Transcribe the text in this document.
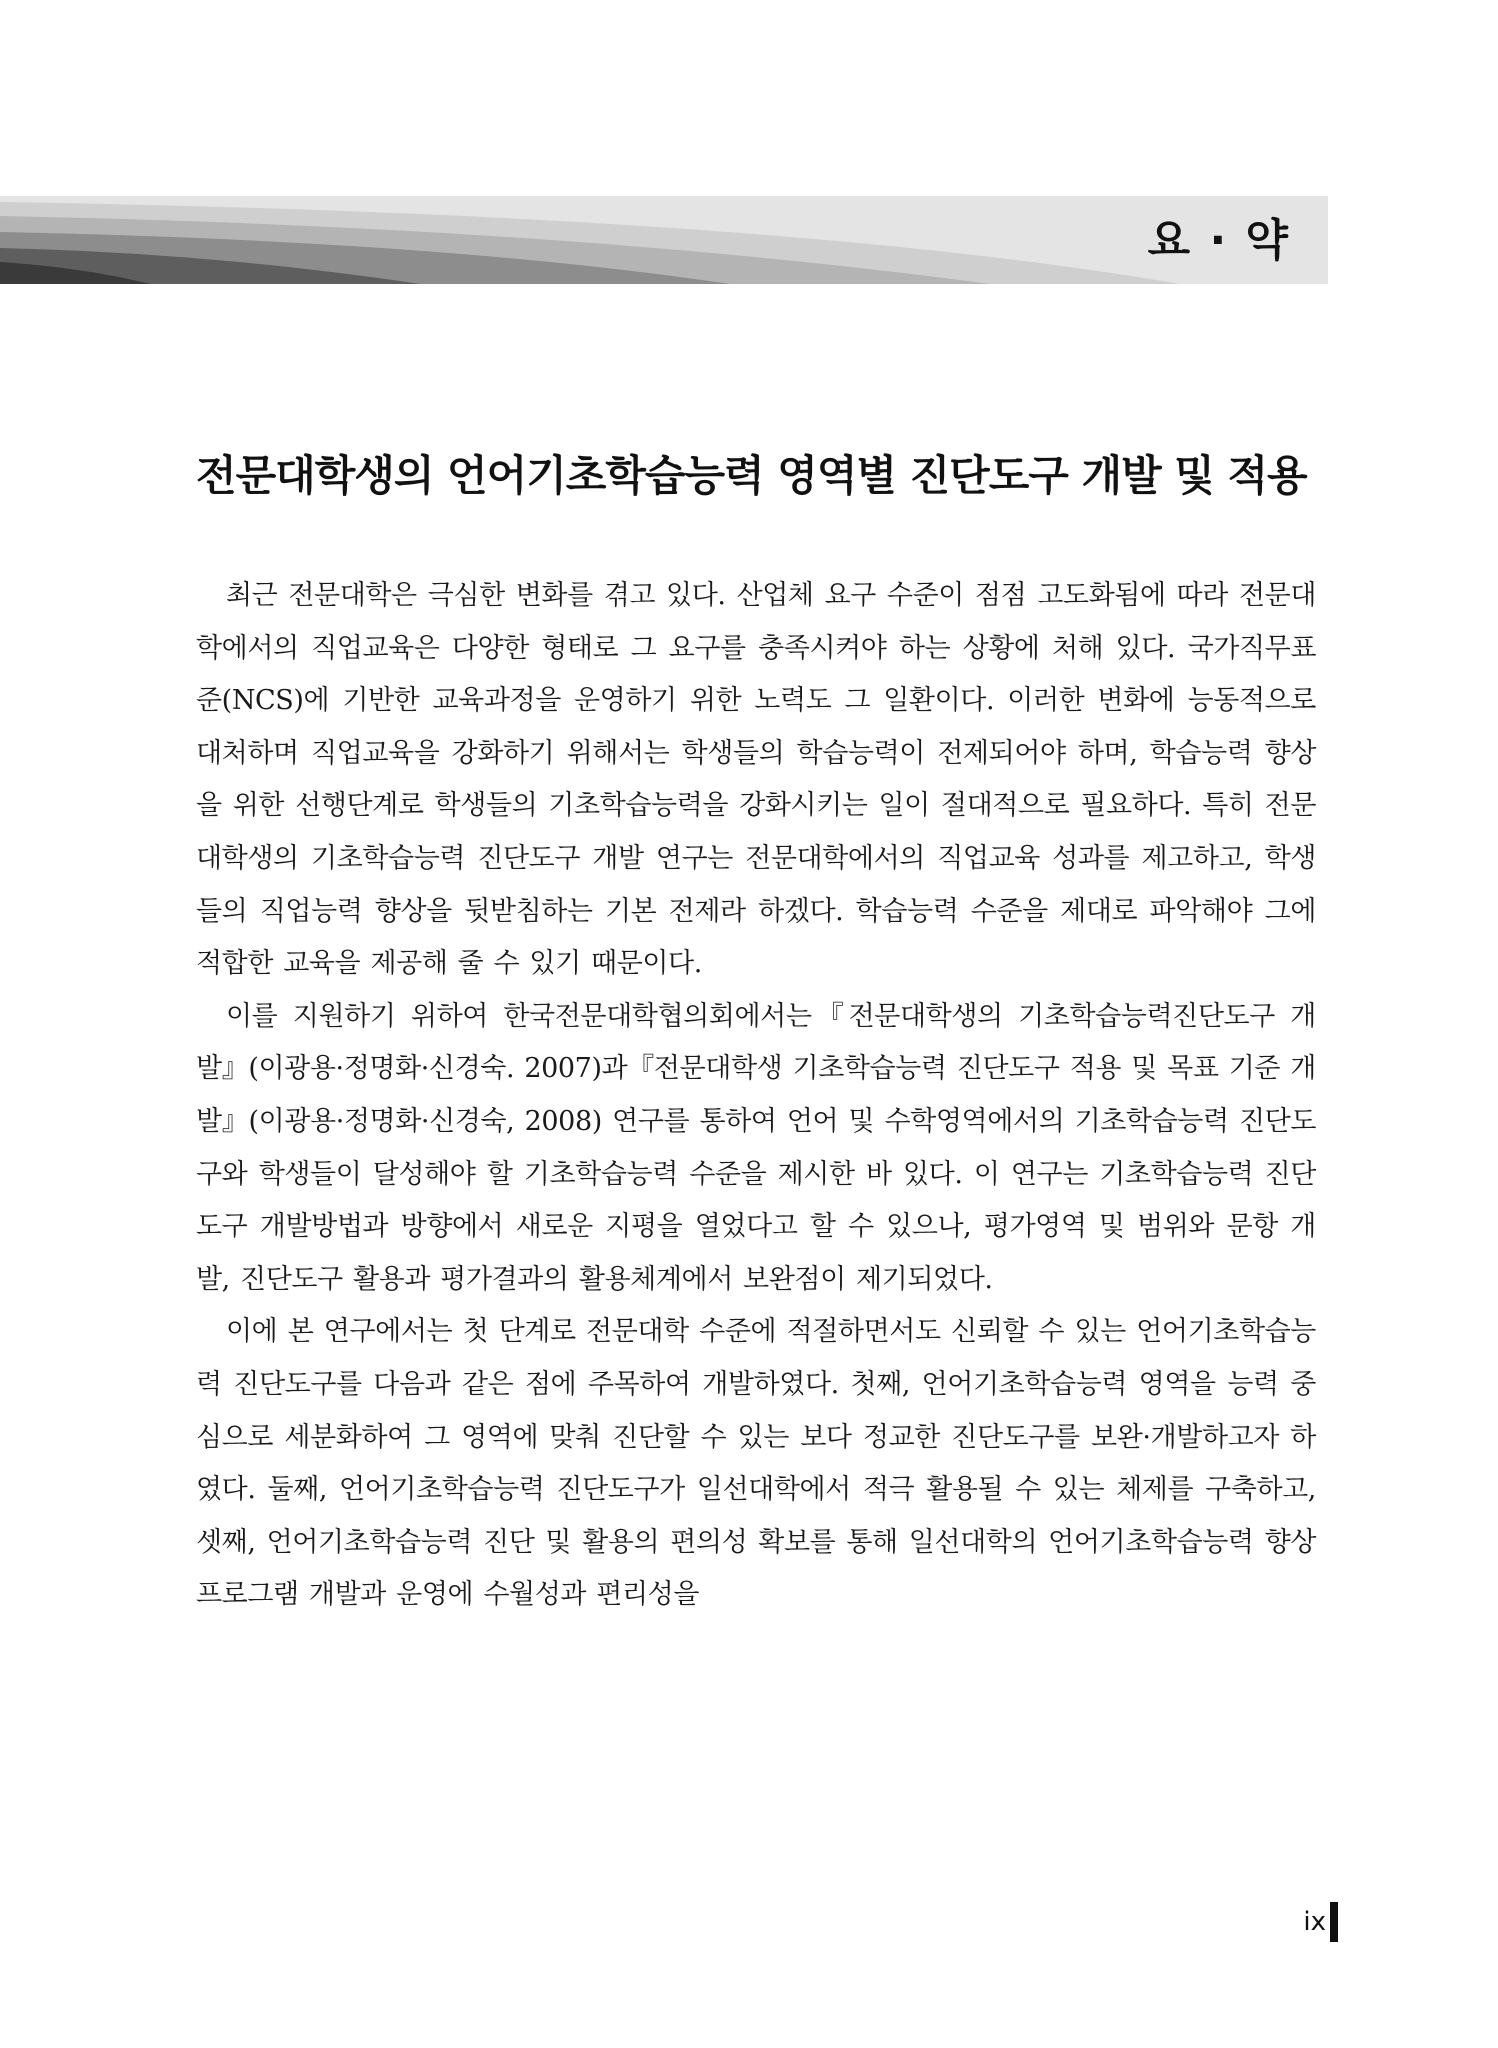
요 · 약
전문대학생의 언어기초학습능력 영역별 진단도구 개발 및 적용

최근 전문대학은 극심한 변화를 겪고 있다. 산업체 요구 수준이 점점 고도화됨에 따라 전문대학에서의 직업교육은 다양한 형태로 그 요구를 충족시켜야 하는 상황에 처해 있다. 국가직무표준(NCS)에 기반한 교육과정을 운영하기 위한 노력도 그 일환이다. 이러한 변화에 능동적으로 대처하며 직업교육을 강화하기 위해서는 학생들의 학습능력이 전제되어야 하며, 학습능력 향상을 위한 선행단계로 학생들의 기초학습능력을 강화시키는 일이 절대적으로 필요하다. 특히 전문대학생의 기초학습능력 진단도구 개발 연구는 전문대학에서의 직업교육 성과를 제고하고, 학생들의 직업능력 향상을 뒷받침하는 기본 전제라 하겠다. 학습능력 수준을 제대로 파악해야 그에 적합한 교육을 제공해 줄 수 있기 때문이다.

이를 지원하기 위하여 한국전문대학협의회에서는『전문대학생의 기초학습능력진단도구 개발』(이광용·정명화·신경숙. 2007)과『전문대학생 기초학습능력 진단도구 적용 및 목표 기준 개발』(이광용·정명화·신경숙, 2008) 연구를 통하여 언어 및 수학영역에서의 기초학습능력 진단도구와 학생들이 달성해야 할 기초학습능력 수준을 제시한 바 있다. 이 연구는 기초학습능력 진단도구 개발방법과 방향에서 새로운 지평을 열었다고 할 수 있으나, 평가영역 및 범위와 문항 개발, 진단도구 활용과 평가결과의 활용체계에서 보완점이 제기되었다.

이에 본 연구에서는 첫 단계로 전문대학 수준에 적절하면서도 신뢰할 수 있는 언어기초학습능력 진단도구를 다음과 같은 점에 주목하여 개발하였다. 첫째, 언어기초학습능력 영역을 능력 중심으로 세분화하여 그 영역에 맞춰 진단할 수 있는 보다 정교한 진단도구를 보완·개발하고자 하였다. 둘째, 언어기초학습능력 진단도구가 일선대학에서 적극 활용될 수 있는 체제를 구축하고, 셋째, 언어기초학습능력 진단 및 활용의 편의성 확보를 통해 일선대학의 언어기초학습능력 향상 프로그램 개발과 운영에 수월성과 편리성을

ix
